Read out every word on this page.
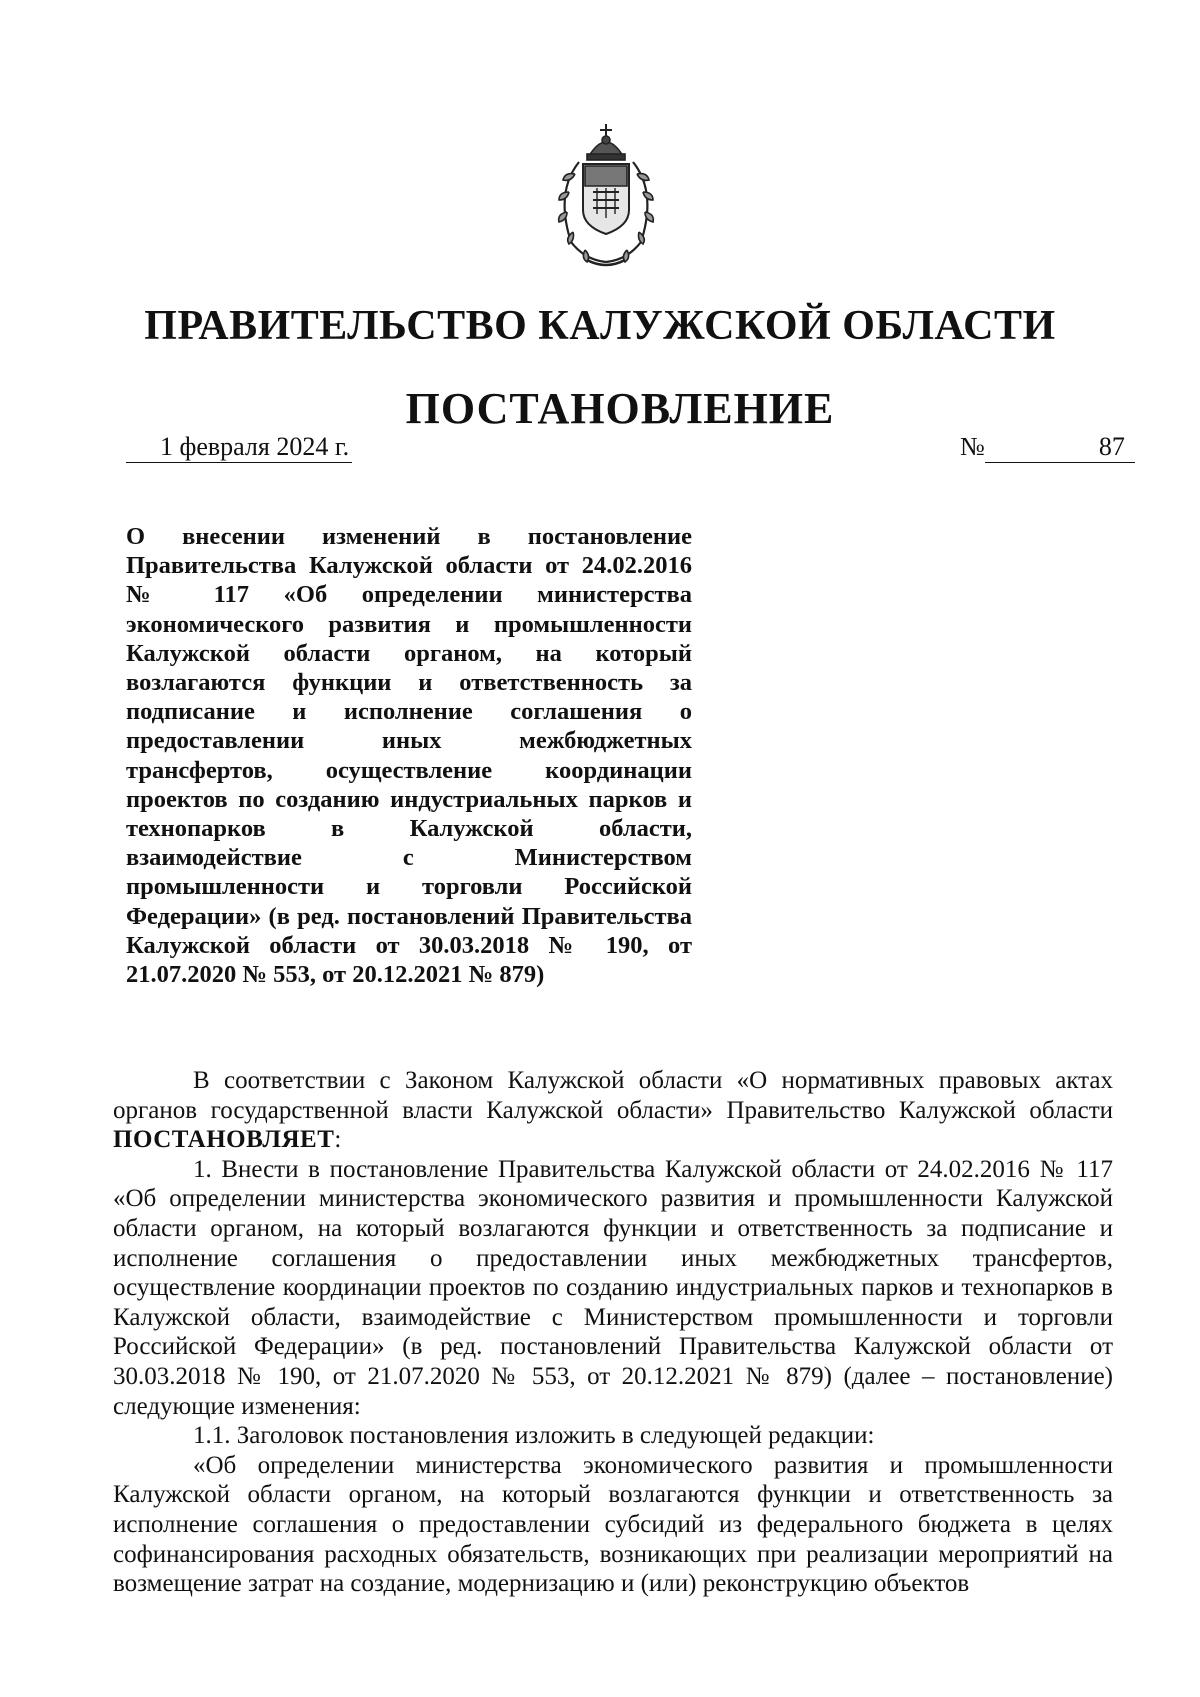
ПРАВИТЕЛЬСТВО КАЛУЖСКОЙ ОБЛАСТИ
ПОСТАНОВЛЕНИЕ
1 февраля 2024 г.	№	87

О внесении изменений в постановление Правительства Калужской области от 24.02.2016 № 117 «Об определении министерства экономического развития и промышленности Калужской области органом, на который возлагаются функции и ответственность за подписание и исполнение соглашения о предоставлении иных межбюджетных трансфертов, осуществление координации проектов по созданию индустриальных парков и технопарков в Калужской области, взаимодействие с Министерством промышленности и торговли Российской Федерации» (в ред. постановлений Правительства Калужской области от 30.03.2018 № 190, от 21.07.2020 № 553, от 20.12.2021 № 879)

В соответствии с Законом Калужской области «О нормативных правовых актах органов государственной власти Калужской области» Правительство Калужской области ПОСТАНОВЛЯЕТ:

1. Внести в постановление Правительства Калужской области от 24.02.2016 № 117 «Об определении министерства экономического развития и промышленности Калужской области органом, на который возлагаются функции и ответственность за подписание и исполнение соглашения о предоставлении иных межбюджетных трансфертов, осуществление координации проектов по созданию индустриальных парков и технопарков в Калужской области, взаимодействие с Министерством промышленности и торговли Российской Федерации» (в ред. постановлений Правительства Калужской области от 30.03.2018 № 190, от 21.07.2020 № 553, от 20.12.2021 № 879) (далее – постановление) следующие изменения:

1.1. Заголовок постановления изложить в следующей редакции:

«Об определении министерства экономического развития и промышленности Калужской области органом, на который возлагаются функции и ответственность за исполнение соглашения о предоставлении субсидий из федерального бюджета в целях софинансирования расходных обязательств, возникающих при реализации мероприятий на возмещение затрат на создание, модернизацию и (или) реконструкцию объектов
